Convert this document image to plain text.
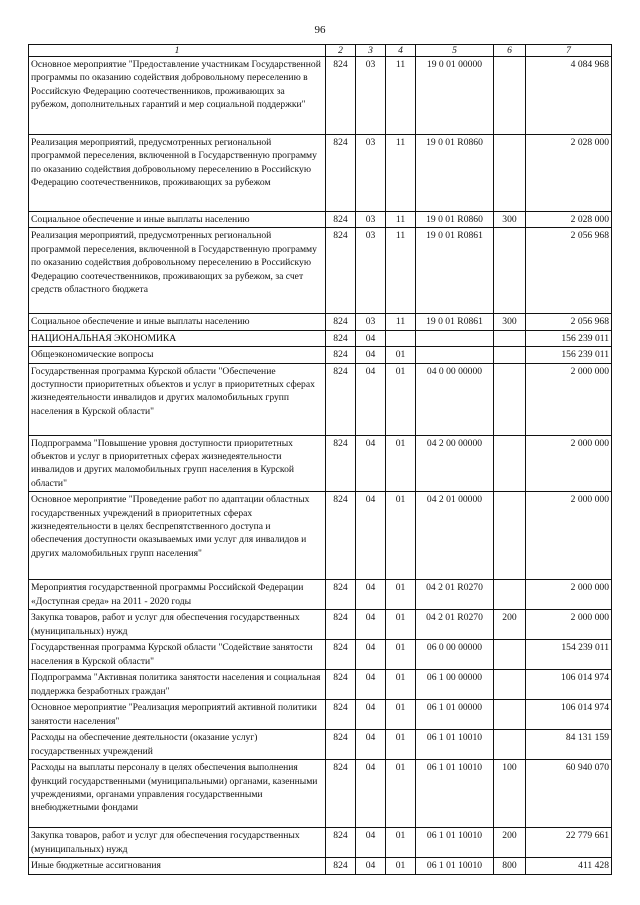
96
1	2	3	4	5	6	7
Основное мероприятие "Предоставление участникам Государственной программы по оказанию содействия добровольному переселению в Российскую Федерацию соотечественников, проживающих за рубежом, дополнительных гарантий и мер социальной поддержки"	824	03	11	19 0 01 00000		4 084 968
Реализация мероприятий, предусмотренных региональной программой переселения, включенной в Государственную программу по оказанию содействия добровольному переселению в Российскую Федерацию соотечественников, проживающих за рубежом	824	03	11	19 0 01 R0860		2 028 000
Социальное обеспечение и иные выплаты населению	824	03	11	19 0 01 R0860	300	2 028 000
Реализация мероприятий, предусмотренных региональной программой переселения, включенной в Государственную программу по оказанию содействия добровольному переселению в Российскую Федерацию соотечественников, проживающих за рубежом, за счет средств областного бюджета	824	03	11	19 0 01 R0861		2 056 968
Социальное обеспечение и иные выплаты населению	824	03	11	19 0 01 R0861	300	2 056 968
НАЦИОНАЛЬНАЯ ЭКОНОМИКА	824	04				156 239 011
Общеэкономические вопросы	824	04	01			156 239 011
Государственная программа Курской области "Обеспечение доступности приоритетных объектов и услуг в приоритетных сферах жизнедеятельности инвалидов и других маломобильных групп населения в Курской области"	824	04	01	04 0 00 00000		2 000 000
Подпрограмма "Повышение уровня доступности приоритетных объектов и услуг в приоритетных сферах жизнедеятельности инвалидов и других маломобильных групп населения в Курской области"	824	04	01	04 2 00 00000		2 000 000
Основное мероприятие "Проведение работ по адаптации областных государственных учреждений в приоритетных сферах жизнедеятельности в целях беспрепятственного доступа и обеспечения доступности оказываемых ими услуг для инвалидов и других маломобильных групп населения"	824	04	01	04 2 01 00000		2 000 000
Мероприятия государственной программы Российской Федерации «Доступная среда» на 2011 - 2020 годы	824	04	01	04 2 01 R0270		2 000 000
Закупка товаров, работ и услуг для обеспечения государственных (муниципальных) нужд	824	04	01	04 2 01 R0270	200	2 000 000
Государственная программа Курской области "Содействие занятости населения в Курской области"	824	04	01	06 0 00 00000		154 239 011
Подпрограмма "Активная политика занятости населения и социальная поддержка безработных граждан"	824	04	01	06 1 00 00000		106 014 974
Основное мероприятие "Реализация мероприятий активной политики занятости населения"	824	04	01	06 1 01 00000		106 014 974
Расходы на обеспечение деятельности (оказание услуг) государственных учреждений	824	04	01	06 1 01 10010		84 131 159
Расходы на выплаты персоналу в целях обеспечения выполнения функций государственными (муниципальными) органами, казенными учреждениями, органами управления государственными внебюджетными фондами	824	04	01	06 1 01 10010	100	60 940 070
Закупка товаров, работ и услуг для обеспечения государственных (муниципальных) нужд	824	04	01	06 1 01 10010	200	22 779 661
Иные бюджетные ассигнования	824	04	01	06 1 01 10010	800	411 428
